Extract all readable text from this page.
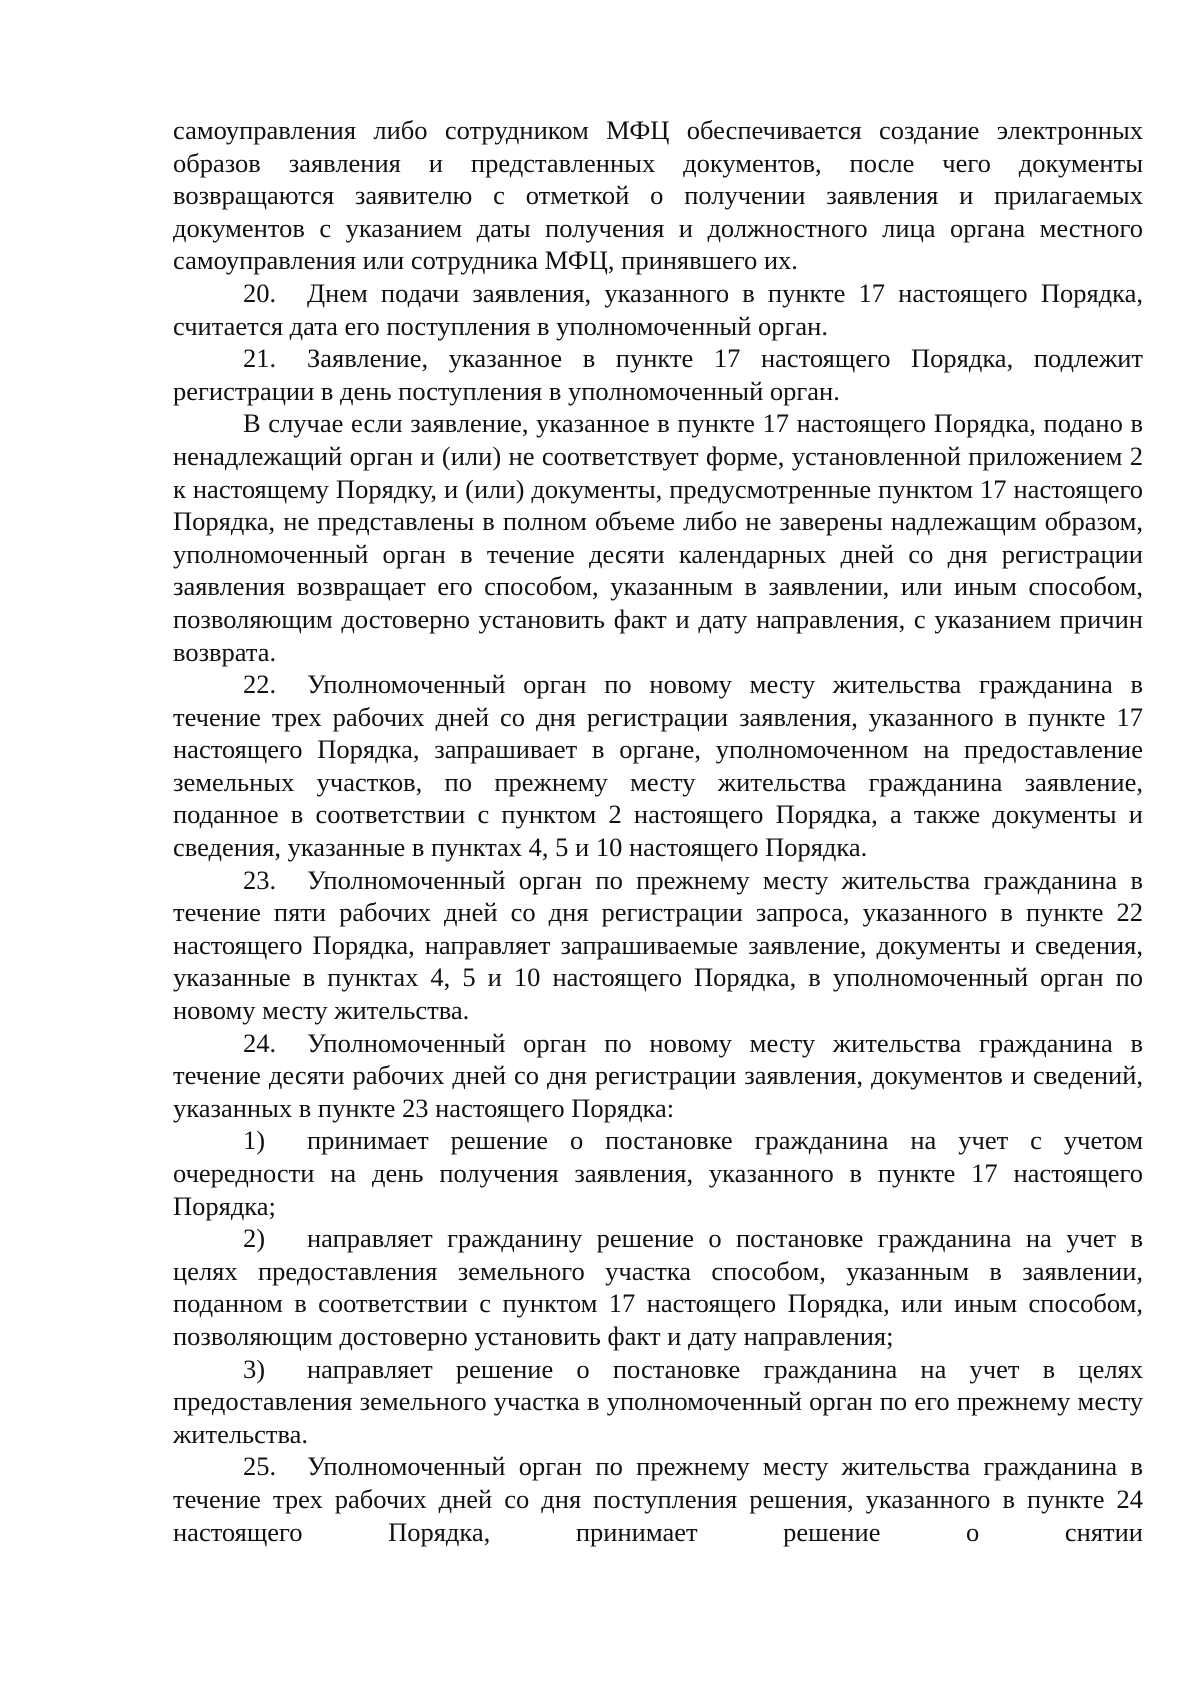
самоуправления либо сотрудником МФЦ обеспечивается создание электронных образов заявления и представленных документов, после чего документы возвращаются заявителю с отметкой о получении заявления и прилагаемых документов с указанием даты получения и должностного лица органа местного самоуправления или сотрудника МФЦ, принявшего их.

20. Днем подачи заявления, указанного в пункте 17 настоящего Порядка, считается дата его поступления в уполномоченный орган.

21. Заявление, указанное в пункте 17 настоящего Порядка, подлежит регистрации в день поступления в уполномоченный орган.

В случае если заявление, указанное в пункте 17 настоящего Порядка, подано в ненадлежащий орган и (или) не соответствует форме, установленной приложением 2 к настоящему Порядку, и (или) документы, предусмотренные пунктом 17 настоящего Порядка, не представлены в полном объеме либо не заверены надлежащим образом, уполномоченный орган в течение десяти календарных дней со дня регистрации заявления возвращает его способом, указанным в заявлении, или иным способом, позволяющим достоверно установить факт и дату направления, с указанием причин возврата.

22. Уполномоченный орган по новому месту жительства гражданина в течение трех рабочих дней со дня регистрации заявления, указанного в пункте 17 настоящего Порядка, запрашивает в органе, уполномоченном на предоставление земельных участков, по прежнему месту жительства гражданина заявление, поданное в соответствии с пунктом 2 настоящего Порядка, а также документы и сведения, указанные в пунктах 4, 5 и 10 настоящего Порядка.

23. Уполномоченный орган по прежнему месту жительства гражданина в течение пяти рабочих дней со дня регистрации запроса, указанного в пункте 22 настоящего Порядка, направляет запрашиваемые заявление, документы и сведения, указанные в пунктах 4, 5 и 10 настоящего Порядка, в уполномоченный орган по новому месту жительства.

24. Уполномоченный орган по новому месту жительства гражданина в течение десяти рабочих дней со дня регистрации заявления, документов и сведений, указанных в пункте 23 настоящего Порядка:

1) принимает решение о постановке гражданина на учет с учетом очередности на день получения заявления, указанного в пункте 17 настоящего Порядка;

2) направляет гражданину решение о постановке гражданина на учет в целях предоставления земельного участка способом, указанным в заявлении, поданном в соответствии с пунктом 17 настоящего Порядка, или иным способом, позволяющим достоверно установить факт и дату направления;

3) направляет решение о постановке гражданина на учет в целях предоставления земельного участка в уполномоченный орган по его прежнему месту жительства.

25. Уполномоченный орган по прежнему месту жительства гражданина в течение трех рабочих дней со дня поступления решения, указанного в пункте 24 настоящего Порядка, принимает решение о снятии
